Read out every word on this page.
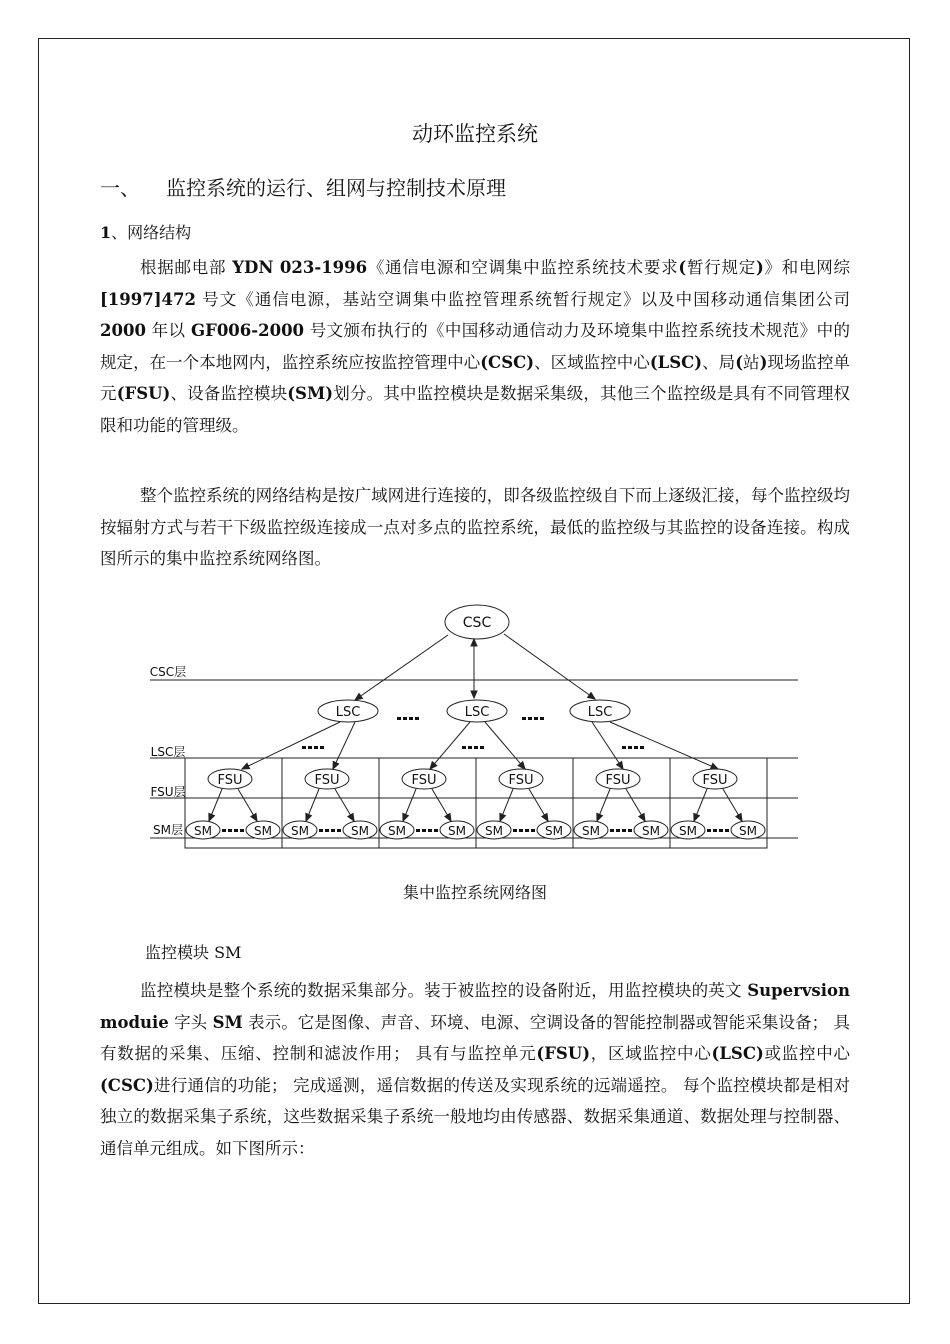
动环监控系统
一、 监控系统的运行、组网与控制技术原理
1、网络结构

根据邮电部 YDN 023-1996《通信电源和空调集中监控系统技术要求(暂行规定)》和电网综[1997]472 号文《通信电源，基站空调集中监控管理系统暂行规定》以及中国移动通信集团公司 2000 年以 GF006-2000 号文颁布执行的《中国移动通信动力及环境集中监控系统技术规范》中的规定，在一个本地网内，监控系统应按监控管理中心(CSC)、区域监控中心(LSC)、局(站)现场监控单元(FSU)、设备监控模块(SM)划分。其中监控模块是数据采集级，其他三个监控级是具有不同管理权限和功能的管理级。

整个监控系统的网络结构是按广域网进行连接的，即各级监控级自下而上逐级汇接，每个监控级均按辐射方式与若干下级监控级连接成一点对多点的监控系统，最低的监控级与其监控的设备连接。构成图所示的集中监控系统网络图。

CSC层
LSC层
FSU层
SM层
CSC
LSC	LSC	LSC
FSU
SM	SM
FSU
SM	SM
FSU
SM	SM
FSU
SM	SM
FSU
SM	SM
FSU
SM	SM
集中监控系统网络图
监控模块 SM

监控模块是整个系统的数据采集部分。装于被监控的设备附近，用监控模块的英文 Supervsion moduie 字头 SM 表示。它是图像、声音、环境、电源、空调设备的智能控制器或智能采集设备； 具有数据的采集、压缩、控制和滤波作用； 具有与监控单元(FSU)，区域监控中心(LSC)或监控中心(CSC)进行通信的功能； 完成遥测，遥信数据的传送及实现系统的远端遥控。 每个监控模块都是相对独立的数据采集子系统，这些数据采集子系统一般地均由传感器、数据采集通道、数据处理与控制器、通信单元组成。如下图所示：
